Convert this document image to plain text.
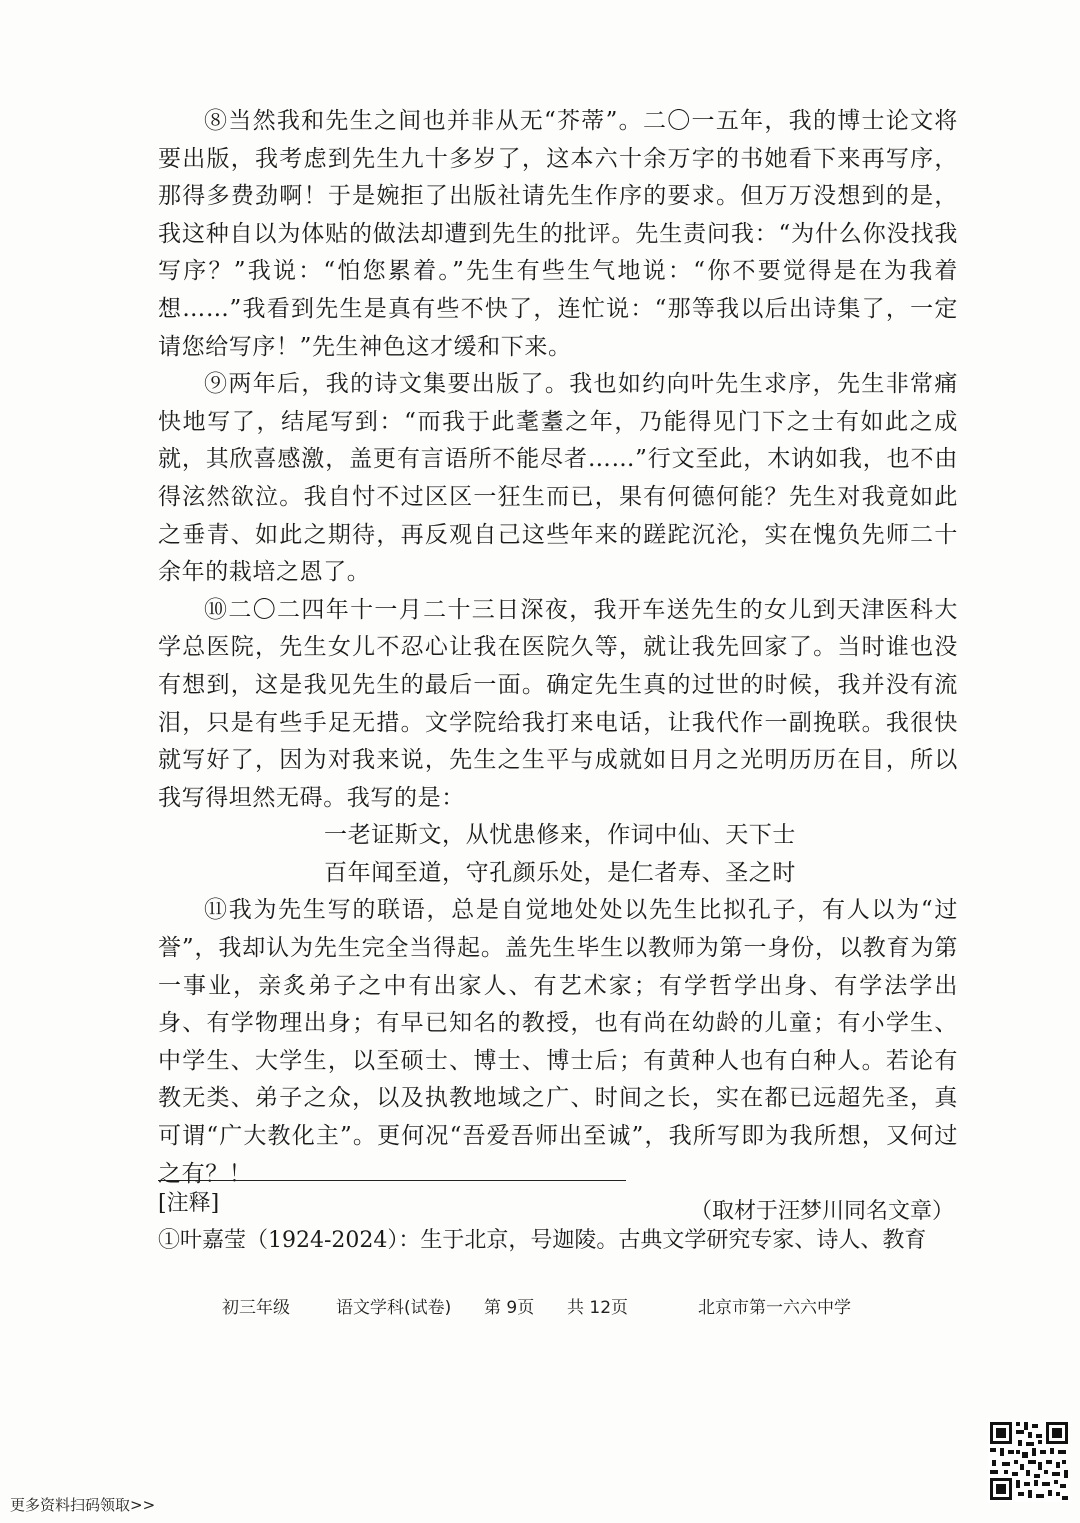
⑧当然我和先生之间也并非从无“芥蒂”。二〇一五年，我的博士论文将要出版，我考虑到先生九十多岁了，这本六十余万字的书她看下来再写序，那得多费劲啊！于是婉拒了出版社请先生作序的要求。但万万没想到的是，我这种自以为体贴的做法却遭到先生的批评。先生责问我：“为什么你没找我写序？”我说：“怕您累着。”先生有些生气地说：“你不要觉得是在为我着想……”我看到先生是真有些不快了，连忙说：“那等我以后出诗集了，一定请您给写序！”先生神色这才缓和下来。

⑨两年后，我的诗文集要出版了。我也如约向叶先生求序，先生非常痛快地写了，结尾写到：“而我于此耄耋之年，乃能得见门下之士有如此之成就，其欣喜感激，盖更有言语所不能尽者……”行文至此，木讷如我，也不由得泫然欲泣。我自忖不过区区一狂生而已，果有何德何能？先生对我竟如此之垂青、如此之期待，再反观自己这些年来的蹉跎沉沦，实在愧负先师二十余年的栽培之恩了。

⑩二〇二四年十一月二十三日深夜，我开车送先生的女儿到天津医科大学总医院，先生女儿不忍心让我在医院久等，就让我先回家了。当时谁也没有想到，这是我见先生的最后一面。确定先生真的过世的时候，我并没有流泪，只是有些手足无措。文学院给我打来电话，让我代作一副挽联。我很快就写好了，因为对我来说，先生之生平与成就如日月之光明历历在目，所以我写得坦然无碍。我写的是：

一老证斯文，从忧患修来，作词中仙、天下士

百年闻至道，守孔颜乐处，是仁者寿、圣之时

⑪我为先生写的联语，总是自觉地处处以先生比拟孔子，有人以为“过誉”，我却认为先生完全当得起。盖先生毕生以教师为第一身份，以教育为第一事业，亲炙弟子之中有出家人、有艺术家；有学哲学出身、有学法学出身、有学物理出身；有早已知名的教授，也有尚在幼龄的儿童；有小学生、中学生、大学生，以至硕士、博士、博士后；有黄种人也有白种人。若论有教无类、弟子之众，以及执教地域之广、时间之长，实在都已远超先圣，真可谓“广大教化主”。更何况“吾爱吾师出至诚”，我所写即为我所想，又何过之有？！

（取材于汪梦川同名文章）

[注释]
①叶嘉莹（1924-2024）：生于北京，号迦陵。古典文学研究专家、诗人、教育
初三年级	语文学科(试卷) 第 9页 共 12页	北京市第一六六中学
更多资料扫码领取>>
